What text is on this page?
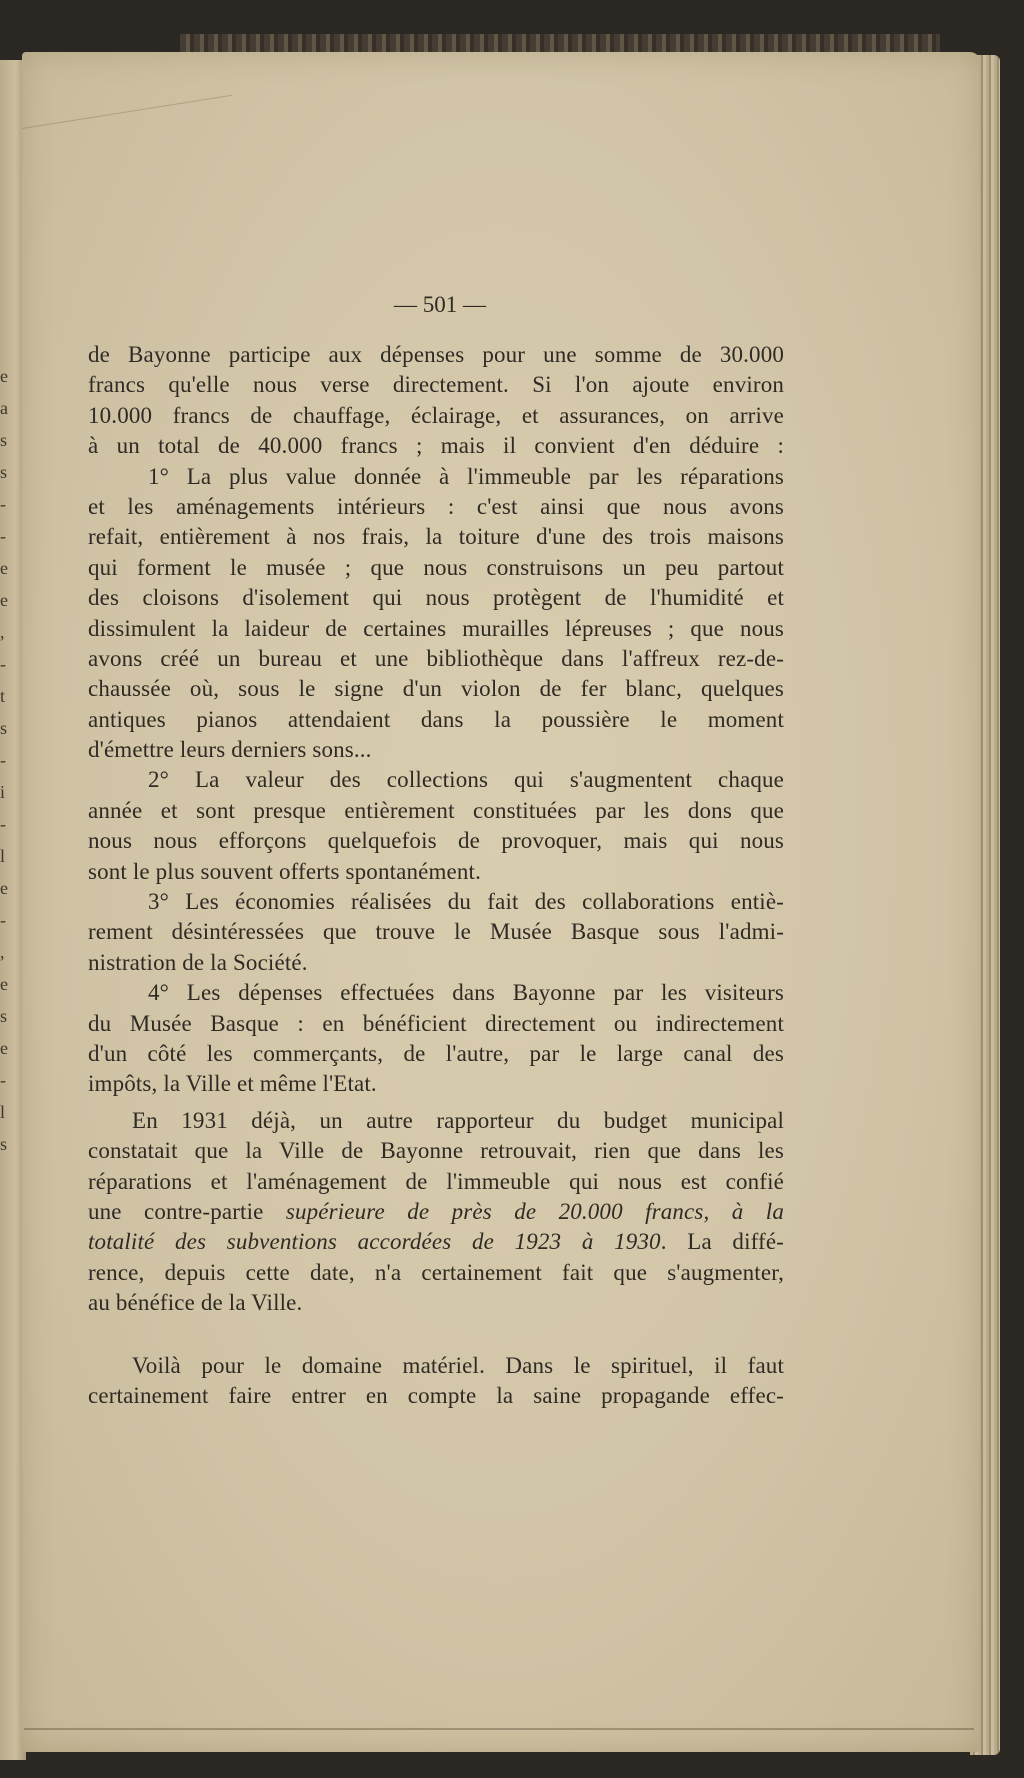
e
a
s
s
-
-
e
e
,
-
t
s
-
i
-
l
e
-
,
e
s
e
-
l
s
— 501 —
de Bayonne participe aux dépenses pour une somme de 30.000
francs qu'elle nous verse directement. Si l'on ajoute environ
10.000 francs de chauffage, éclairage, et assurances, on arrive
à un total de 40.000 francs ; mais il convient d'en déduire :
1° La plus value donnée à l'immeuble par les réparations
et les aménagements intérieurs : c'est ainsi que nous avons
refait, entièrement à nos frais, la toiture d'une des trois maisons
qui forment le musée ; que nous construisons un peu partout
des cloisons d'isolement qui nous protègent de l'humidité et
dissimulent la laideur de certaines murailles lépreuses ; que nous
avons créé un bureau et une bibliothèque dans l'affreux rez-de-
chaussée où, sous le signe d'un violon de fer blanc, quelques
antiques pianos attendaient dans la poussière le moment
d'émettre leurs derniers sons...
2° La valeur des collections qui s'augmentent chaque
année et sont presque entièrement constituées par les dons que
nous nous efforçons quelquefois de provoquer, mais qui nous
sont le plus souvent offerts spontanément.
3° Les économies réalisées du fait des collaborations entiè-
rement désintéressées que trouve le Musée Basque sous l'admi-
nistration de la Société.
4° Les dépenses effectuées dans Bayonne par les visiteurs
du Musée Basque : en bénéficient directement ou indirectement
d'un côté les commerçants, de l'autre, par le large canal des
impôts, la Ville et même l'Etat.
En 1931 déjà, un autre rapporteur du budget municipal
constatait que la Ville de Bayonne retrouvait, rien que dans les
réparations et l'aménagement de l'immeuble qui nous est confié
une contre-partie supérieure de près de 20.000 francs, à la
totalité des subventions accordées de 1923 à 1930. La diffé-
rence, depuis cette date, n'a certainement fait que s'augmenter,
au bénéfice de la Ville.
Voilà pour le domaine matériel. Dans le spirituel, il faut
certainement faire entrer en compte la saine propagande effec-
